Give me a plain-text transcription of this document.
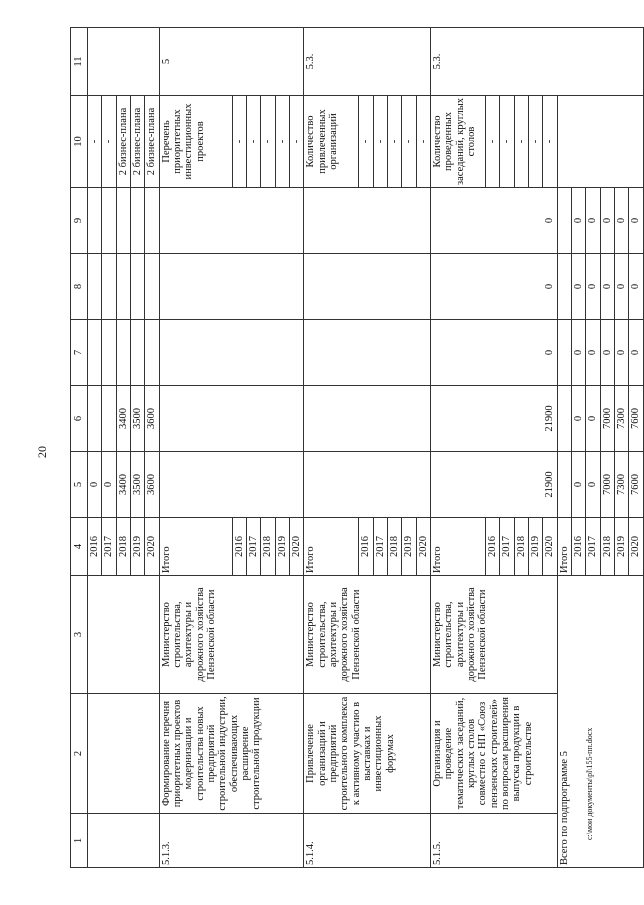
20
c:\мои документы\pl\155-пп.docx
1	2	3	4	5	6	7	8	9	10	11
			2016	0					-	
			2017	0					-	
			2018	3400	3400				2 бизнес-плана	
			2019	3500	3500				2 бизнес-плана	
			2020	3600	3600				2 бизнес-плана	
5.1.3.	Формирование перечня приоритетных проектов модернизации и строительства новых предприятий строительной индустрии, обеспечивающих расширение строительной продукции	Министерство строительства, архитектуры и дорожного хозяйства Пензенской области	Итого						Перечень приоритетных инвестиционных проектов	5
			2016						-	
			2017						-	
			2018						-	
			2019						-	
			2020						-	
5.1.4.	Привлечение организаций и предприятий строительного комплекса к активному участию в выставках и инвестиционных форумах	Министерство строительства, архитектуры и дорожного хозяйства Пензенской области	Итого						Количество привлеченных организаций	5.3.
			2016						-	
			2017						-	
			2018						-	
			2019						-	
			2020						-	
5.1.5.	Организация и проведение тематических заседаний, круглых столов совместно с НП «Союз пензенских строителей» по вопросам расширения выпуска продукции в строительстве	Министерство строительства, архитектуры и дорожного хозяйства Пензенской области	Итого	21900	21900	0	0	0	Количество проведенных заседаний, круглых столов	5.3.
			2016						-	
			2017						-	
			2018						-	
			2019						-	
			2020						-	
Всего по подпрограмме 5			Итого							
			2016	0	0	0	0	0		
			2017	0	0	0	0	0		
			2018	7000	7000	0	0	0		
			2019	7300	7300	0	0	0		
			2020	7600	7600	0	0	0		
